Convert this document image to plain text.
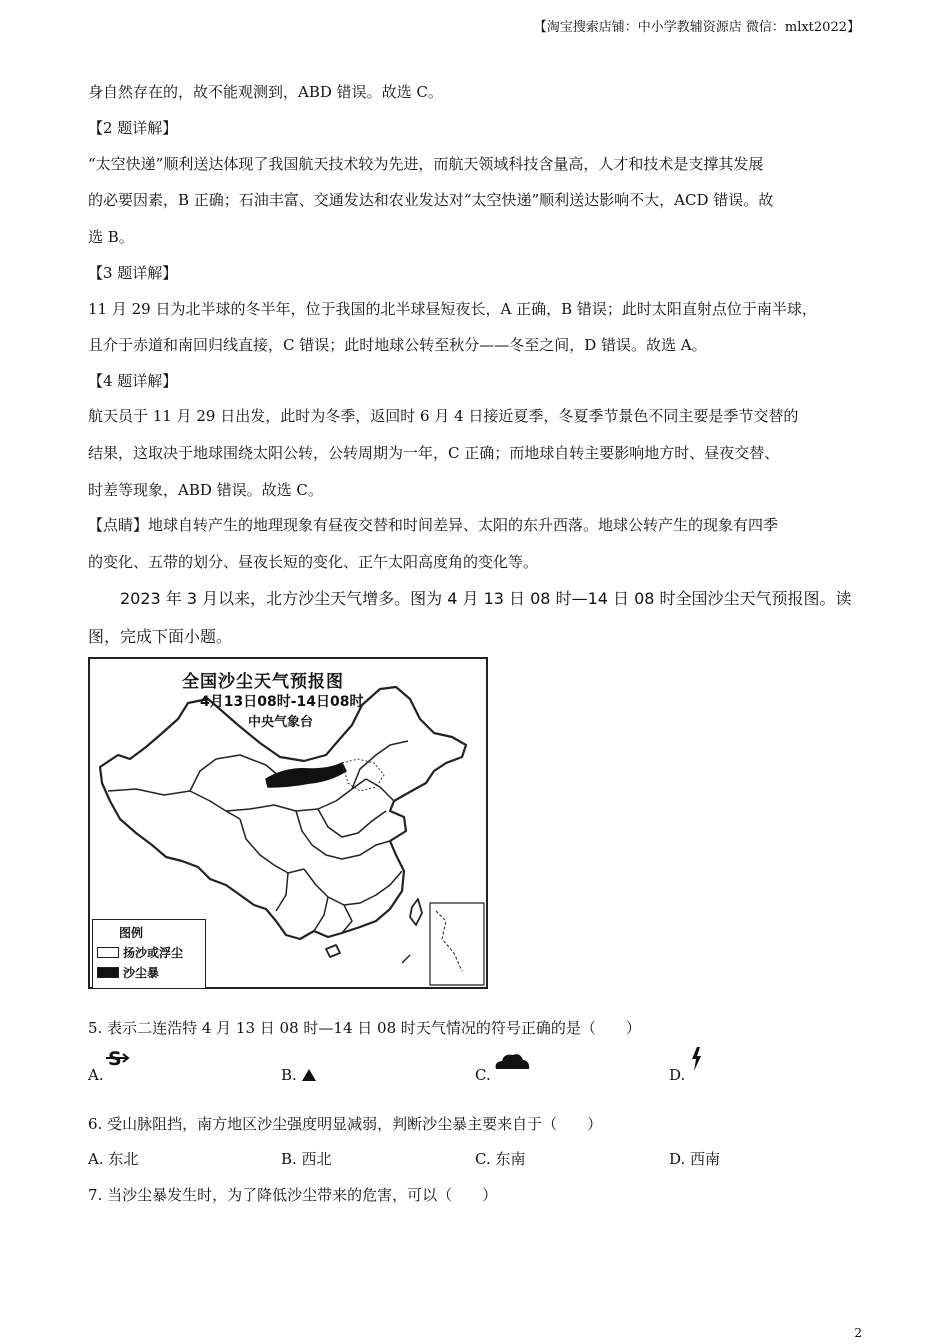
【淘宝搜索店铺：中小学教辅资源店 微信：mlxt2022】
身自然存在的，故不能观测到，ABD 错误。故选 C。
【2 题详解】
“太空快递”顺利送达体现了我国航天技术较为先进，而航天领域科技含量高，人才和技术是支撑其发展
的必要因素，B 正确；石油丰富、交通发达和农业发达对“太空快递”顺利送达影响不大，ACD 错误。故
选 B。
【3 题详解】
11 月 29 日为北半球的冬半年，位于我国的北半球昼短夜长，A 正确，B 错误；此时太阳直射点位于南半球，
且介于赤道和南回归线直接，C 错误；此时地球公转至秋分——冬至之间，D 错误。故选 A。
【4 题详解】
航天员于 11 月 29 日出发，此时为冬季，返回时 6 月 4 日接近夏季，冬夏季节景色不同主要是季节交替的
结果，这取决于地球围绕太阳公转，公转周期为一年，C 正确；而地球自转主要影响地方时、昼夜交替、
时差等现象，ABD 错误。故选 C。
【点睛】地球自转产生的地理现象有昼夜交替和时间差异、太阳的东升西落。地球公转产生的现象有四季
的变化、五带的划分、昼夜长短的变化、正午太阳高度角的变化等。
2023 年 3 月以来，北方沙尘天气增多。图为 4 月 13 日 08 时—14 日 08 时全国沙尘天气预报图。读
图，完成下面小题。
全国沙尘天气预报图
4月13日08时-14日08时
中央气象台
图例
扬沙或浮尘
沙尘暴
5. 表示二连浩特 4 月 13 日 08 时—14 日 08 时天气情况的符号正确的是（　　）
A.
S
B.	C.	D.
6. 受山脉阻挡，南方地区沙尘强度明显减弱，判断沙尘暴主要来自于（　　）
A. 东北	B. 西北	C. 东南	D. 西南
7. 当沙尘暴发生时，为了降低沙尘带来的危害，可以（　　）
2
